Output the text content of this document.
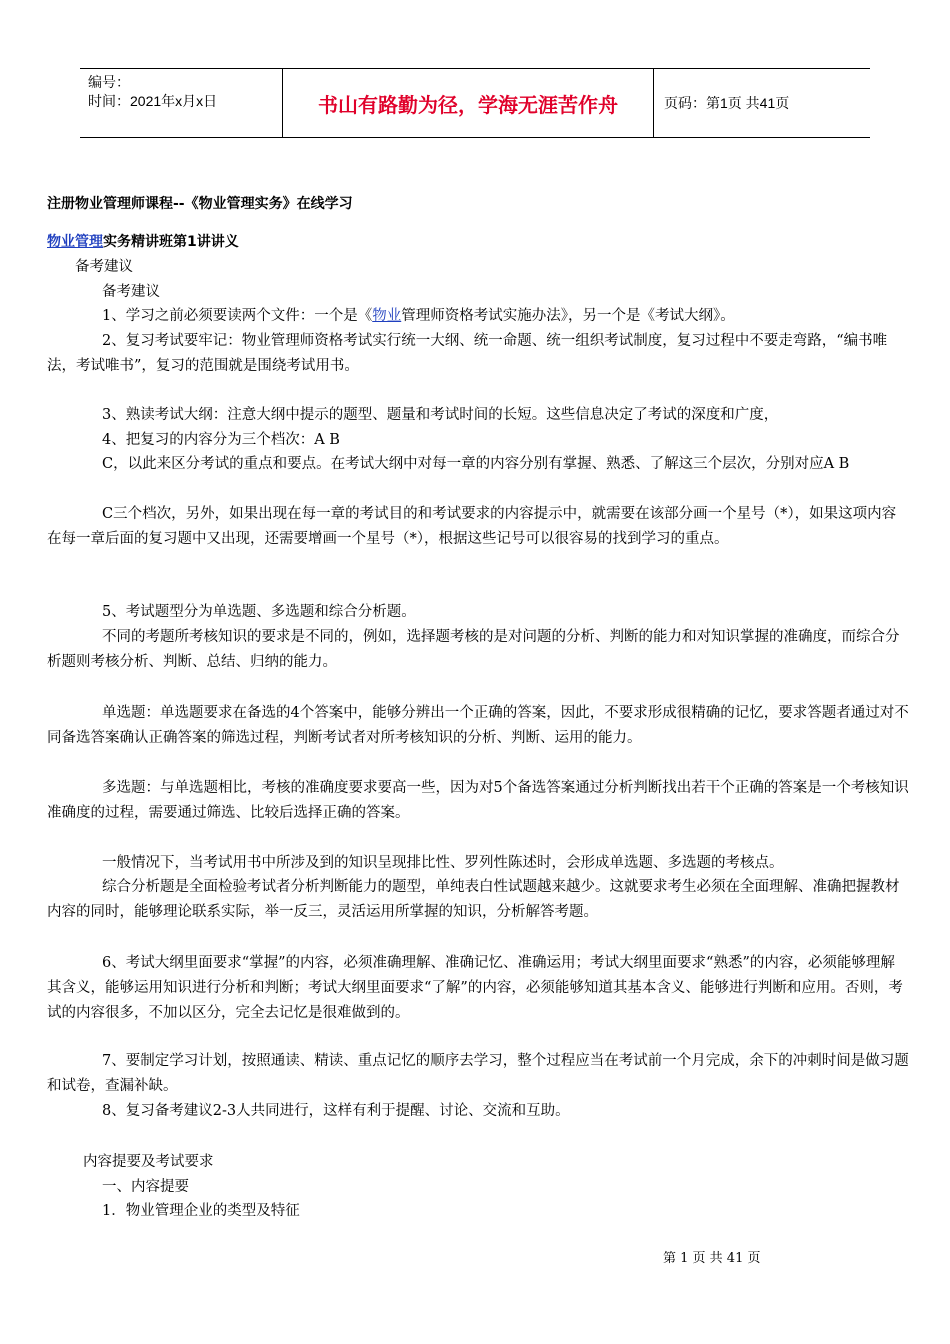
编号：
时间：2021年x月x日	书山有路勤为径，学海无涯苦作舟	页码：第1页 共41页
注册物业管理师课程--《物业管理实务》在线学习
物业管理实务精讲班第1讲讲义
备考建议
备考建议
1、学习之前必须要读两个文件：一个是《物业管理师资格考试实施办法》，另一个是《考试大纲》。
2、复习考试要牢记：物业管理师资格考试实行统一大纲、统一命题、统一组织考试制度，复习过程中不要走弯路，“编书唯法，考试唯书”，复习的范围就是围绕考试用书。
3、熟读考试大纲：注意大纲中提示的题型、题量和考试时间的长短。这些信息决定了考试的深度和广度，
4、把复习的内容分为三个档次：A B
C，以此来区分考试的重点和要点。在考试大纲中对每一章的内容分别有掌握、熟悉、了解这三个层次，分别对应A B
C三个档次，另外，如果出现在每一章的考试目的和考试要求的内容提示中，就需要在该部分画一个星号（*），如果这项内容在每一章后面的复习题中又出现，还需要增画一个星号（*），根据这些记号可以很容易的找到学习的重点。
5、考试题型分为单选题、多选题和综合分析题。
不同的考题所考核知识的要求是不同的，例如，选择题考核的是对问题的分析、判断的能力和对知识掌握的准确度，而综合分析题则考核分析、判断、总结、归纳的能力。
单选题：单选题要求在备选的4个答案中，能够分辨出一个正确的答案，因此，不要求形成很精确的记忆，要求答题者通过对不同备选答案确认正确答案的筛选过程，判断考试者对所考核知识的分析、判断、运用的能力。
多选题：与单选题相比，考核的准确度要求要高一些，因为对5个备选答案通过分析判断找出若干个正确的答案是一个考核知识准确度的过程，需要通过筛选、比较后选择正确的答案。
一般情况下，当考试用书中所涉及到的知识呈现排比性、罗列性陈述时，会形成单选题、多选题的考核点。
综合分析题是全面检验考试者分析判断能力的题型，单纯表白性试题越来越少。这就要求考生必须在全面理解、准确把握教材内容的同时，能够理论联系实际，举一反三，灵活运用所掌握的知识，分析解答考题。
6、考试大纲里面要求“掌握”的内容，必须准确理解、准确记忆、准确运用；考试大纲里面要求“熟悉”的内容，必须能够理解其含义，能够运用知识进行分析和判断；考试大纲里面要求“了解”的内容，必须能够知道其基本含义、能够进行判断和应用。否则，考试的内容很多，不加以区分，完全去记忆是很难做到的。
7、要制定学习计划，按照通读、精读、重点记忆的顺序去学习，整个过程应当在考试前一个月完成，余下的冲刺时间是做习题和试卷，查漏补缺。
8、复习备考建议2-3人共同进行，这样有利于提醒、讨论、交流和互助。
内容提要及考试要求
一、内容提要
1．物业管理企业的类型及特征
第 1 页 共 41 页
